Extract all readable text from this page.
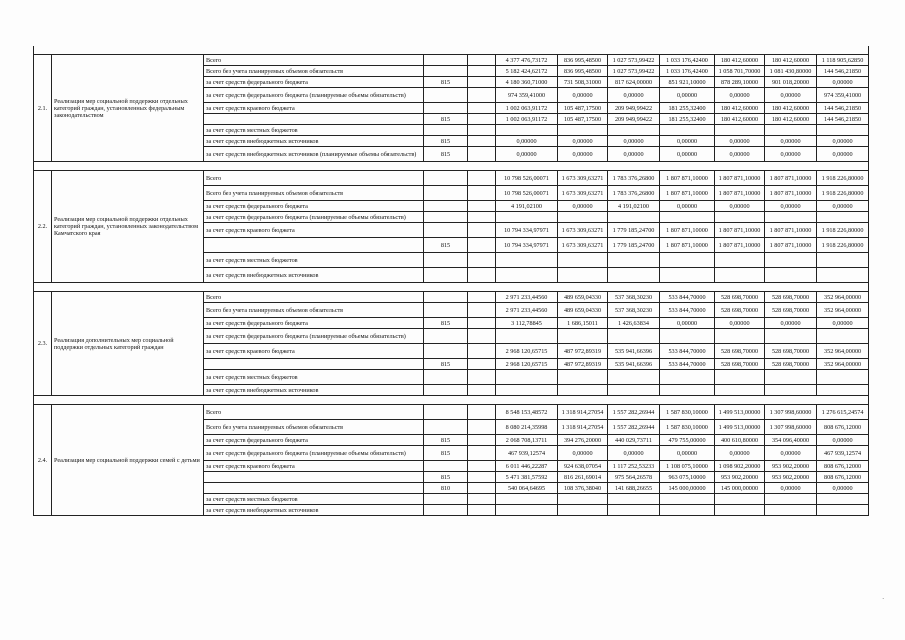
2.1.	Реализация мер социальной поддержки отдельных категорий граждан, установленных федеральным законодательством	Всего			4 377 476,73172	836 995,48500	1 027 573,99422	1 033 176,42400	180 412,60000	180 412,60000	1 118 905,62850
		Всего без учета планируемых объемов обязательств			5 182 424,62172	836 995,48500	1 027 573,99422	1 033 176,42400	1 058 701,70000	1 081 430,80000	144 546,21850
		за счет средств федерального бюджета	815		4 180 360,71000	731 508,31000	817 624,00000	851 921,10000	878 289,10000	901 018,20000	0,00000
		за счет средств федерального бюджета (планируемые объемы обязательств)			974 359,41000	0,00000	0,00000	0,00000	0,00000	0,00000	974 359,41000
		за счет средств краевого бюджета			1 002 063,91172	105 487,17500	209 949,99422	181 255,32400	180 412,60000	180 412,60000	144 546,21850
			815		1 002 063,91172	105 487,17500	209 949,99422	181 255,32400	180 412,60000	180 412,60000	144 546,21850
		за счет средств местных бюджетов									
		за счет средств внебюджетных источников	815		0,00000	0,00000	0,00000	0,00000	0,00000	0,00000	0,00000
		за счет средств внебюджетных источников (планируемые объемы обязательств)	815		0,00000	0,00000	0,00000	0,00000	0,00000	0,00000	0,00000

2.2.	Реализация мер социальной поддержки отдельных категорий граждан, установленных законодательством Камчатского края	Всего			10 798 526,00071	1 673 309,63271	1 783 376,26800	1 807 871,10000	1 807 871,10000	1 807 871,10000	1 918 226,80000
		Всего без учета планируемых объемов обязательств			10 798 526,00071	1 673 309,63271	1 783 376,26800	1 807 871,10000	1 807 871,10000	1 807 871,10000	1 918 226,80000
		за счет средств федерального бюджета			4 191,02100	0,00000	4 191,02100	0,00000	0,00000	0,00000	0,00000
		за счет средств федерального бюджета (планируемые объемы обязательств)									
		за счет средств краевого бюджета			10 794 334,97971	1 673 309,63271	1 779 185,24700	1 807 871,10000	1 807 871,10000	1 807 871,10000	1 918 226,80000
			815		10 794 334,97971	1 673 309,63271	1 779 185,24700	1 807 871,10000	1 807 871,10000	1 807 871,10000	1 918 226,80000
		за счет средств местных бюджетов									
		за счет средств внебюджетных источников									

2.3.	Реализация дополнительных мер социальной поддержки отдельных категорий граждан	Всего			2 971 233,44560	489 659,04330	537 368,30230	533 844,70000	528 698,70000	528 698,70000	352 964,00000
		Всего без учета планируемых объемов обязательств			2 971 233,44560	489 659,04330	537 368,30230	533 844,70000	528 698,70000	528 698,70000	352 964,00000
		за счет средств федерального бюджета	815		3 112,78845	1 686,15011	1 426,63834	0,00000	0,00000	0,00000	0,00000
		за счет средств федерального бюджета (планируемые объемы обязательств)									
		за счет средств краевого бюджета			2 968 120,65715	487 972,89319	535 941,66396	533 844,70000	528 698,70000	528 698,70000	352 964,00000
			815		2 968 120,65715	487 972,89319	535 941,66396	533 844,70000	528 698,70000	528 698,70000	352 964,00000
		за счет средств местных бюджетов									
		за счет средств внебюджетных источников									

2.4.	Реализация мер социальной поддержки семей с детьми	Всего			8 548 153,48572	1 318 914,27054	1 557 282,26944	1 587 830,10000	1 499 513,00000	1 307 998,60000	1 276 615,24574
		Всего без учета планируемых объемов обязательств			8 080 214,35998	1 318 914,27054	1 557 282,26944	1 587 830,10000	1 499 513,00000	1 307 998,60000	808 676,12000
		за счет средств федерального бюджета	815		2 068 708,13711	394 276,20000	440 029,73711	479 755,00000	400 610,80000	354 096,40000	0,00000
		за счет средств федерального бюджета (планируемые объемы обязательств)	815		467 939,12574	0,00000	0,00000	0,00000	0,00000	0,00000	467 939,12574
		за счет средств краевого бюджета			6 011 446,22287	924 638,07054	1 117 252,53233	1 108 075,10000	1 098 902,20000	953 902,20000	808 676,12000
			815		5 471 381,57592	816 261,69014	975 564,26578	963 075,10000	953 902,20000	953 902,20000	808 676,12000
			810		540 064,64695	108 376,38040	141 688,26655	145 000,00000	145 000,00000	0,00000	0,00000
		за счет средств местных бюджетов									
		за счет средств внебюджетных источников									
·
